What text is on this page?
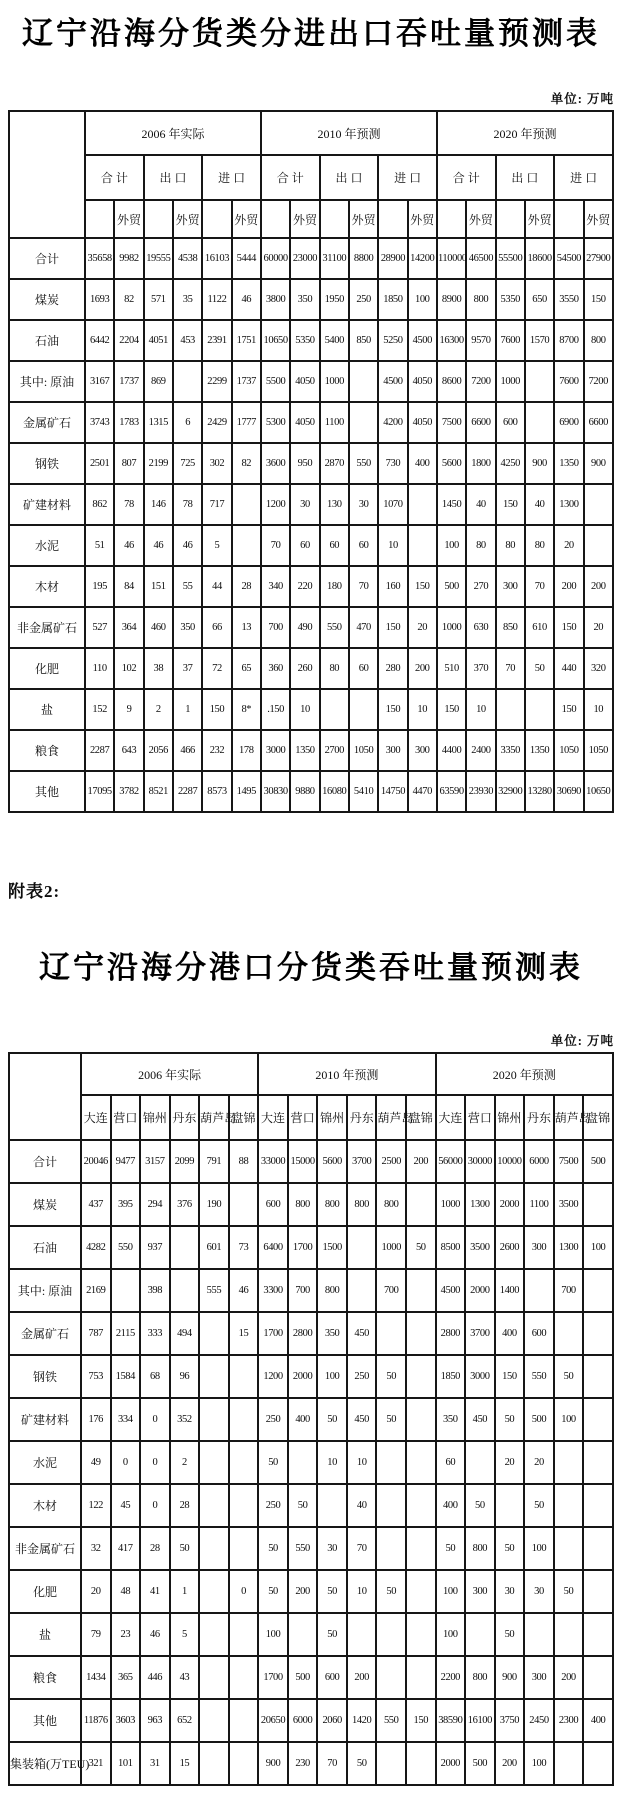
辽宁沿海分货类分进出口吞吐量预测表
单位: 万吨
	2006 年实际						2010 年预测						2020 年预测					
	合 计		出 口		进 口		合 计		出 口		进 口		合 计		出 口		进 口	
		外贸		外贸		外贸		外贸		外贸		外贸		外贸		外贸		外贸
合计	35658	9982	19555	4538	16103	5444	60000	23000	31100	8800	28900	14200	110000	46500	55500	18600	54500	27900
煤炭	1693	82	571	35	1122	46	3800	350	1950	250	1850	100	8900	800	5350	650	3550	150
石油	6442	2204	4051	453	2391	1751	10650	5350	5400	850	5250	4500	16300	9570	7600	1570	8700	800
其中: 原油	3167	1737	869		2299	1737	5500	4050	1000		4500	4050	8600	7200	1000		7600	7200
金属矿石	3743	1783	1315	6	2429	1777	5300	4050	1100		4200	4050	7500	6600	600		6900	6600
钢铁	2501	807	2199	725	302	82	3600	950	2870	550	730	400	5600	1800	4250	900	1350	900
矿建材料	862	78	146	78	717		1200	30	130	30	1070		1450	40	150	40	1300	
水泥	51	46	46	46	5		70	60	60	60	10		100	80	80	80	20	
木材	195	84	151	55	44	28	340	220	180	70	160	150	500	270	300	70	200	200
非金属矿石	527	364	460	350	66	13	700	490	550	470	150	20	1000	630	850	610	150	20
化肥	110	102	38	37	72	65	360	260	80	60	280	200	510	370	70	50	440	320
盐	152	9	2	1	150	8*	.150	10			150	10	150	10			150	10
粮食	2287	643	2056	466	232	178	3000	1350	2700	1050	300	300	4400	2400	3350	1350	1050	1050
其他	17095	3782	8521	2287	8573	1495	30830	9880	16080	5410	14750	4470	63590	23930	32900	13280	30690	10650
附表2:
辽宁沿海分港口分货类吞吐量预测表
单位: 万吨
	2006 年实际						2010 年预测						2020 年预测					
	大连	营口	锦州	丹东	葫芦岛	盘锦	大连	营口	锦州	丹东	葫芦岛	盘锦	大连	营口	锦州	丹东	葫芦岛	盘锦
合计	20046	9477	3157	2099	791	88	33000	15000	5600	3700	2500	200	56000	30000	10000	6000	7500	500
煤炭	437	395	294	376	190		600	800	800	800	800		1000	1300	2000	1100	3500	
石油	4282	550	937		601	73	6400	1700	1500		1000	50	8500	3500	2600	300	1300	100
其中: 原油	2169		398		555	46	3300	700	800		700		4500	2000	1400		700	
金属矿石	787	2115	333	494		15	1700	2800	350	450			2800	3700	400	600		
钢铁	753	1584	68	96			1200	2000	100	250	50		1850	3000	150	550	50	
矿建材料	176	334	0	352			250	400	50	450	50		350	450	50	500	100	
水泥	49	0	0	2			50		10	10			60		20	20		
木材	122	45	0	28			250	50		40			400	50		50		
非金属矿石	32	417	28	50			50	550	30	70			50	800	50	100		
化肥	20	48	41	1		0	50	200	50	10	50		100	300	30	30	50	
盐	79	23	46	5			100		50				100		50			
粮食	1434	365	446	43			1700	500	600	200			2200	800	900	300	200	
其他	11876	3603	963	652			20650	6000	2060	1420	550	150	38590	16100	3750	2450	2300	400
集装箱(万TEU)	321	101	31	15			900	230	70	50			2000	500	200	100		
